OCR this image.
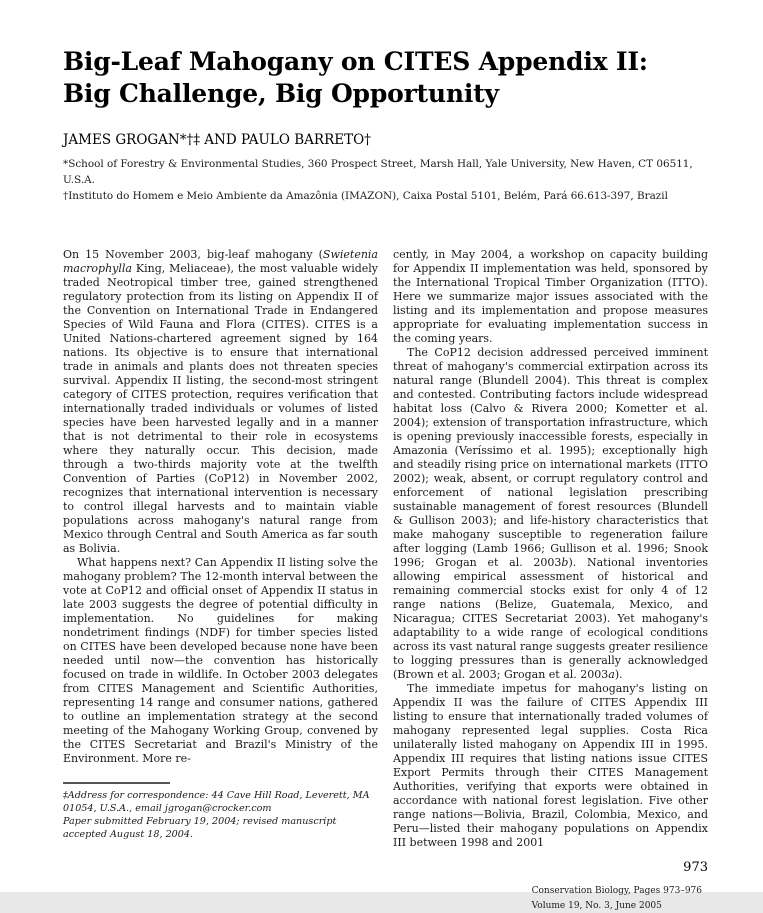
Big-Leaf Mahogany on CITES Appendix II:
Big Challenge, Big Opportunity
JAMES GROGAN*†‡ AND PAULO BARRETO†
*School of Forestry & Environmental Studies, 360 Prospect Street, Marsh Hall, Yale University, New Haven, CT 06511, U.S.A.
†Instituto do Homem e Meio Ambiente da Amazônia (IMAZON), Caixa Postal 5101, Belém, Pará 66.613-397, Brazil

On 15 November 2003, big-leaf mahogany (Swietenia macrophylla King, Meliaceae), the most valuable widely traded Neotropical timber tree, gained strengthened regulatory protection from its listing on Appendix II of the Convention on International Trade in Endangered Species of Wild Fauna and Flora (CITES). CITES is a United Nations-chartered agreement signed by 164 nations. Its objective is to ensure that international trade in animals and plants does not threaten species survival. Appendix II listing, the second-most stringent category of CITES protection, requires verification that internationally traded individuals or volumes of listed species have been harvested legally and in a manner that is not detrimental to their role in ecosystems where they naturally occur. This decision, made through a two-thirds majority vote at the twelfth Convention of Parties (CoP12) in November 2002, recognizes that international intervention is necessary to control illegal harvests and to maintain viable populations across mahogany's natural range from Mexico through Central and South America as far south as Bolivia.

What happens next? Can Appendix II listing solve the mahogany problem? The 12-month interval between the vote at CoP12 and official onset of Appendix II status in late 2003 suggests the degree of potential difficulty in implementation. No guidelines for making nondetriment findings (NDF) for timber species listed on CITES have been developed because none have been needed until now—the convention has historically focused on trade in wildlife. In October 2003 delegates from CITES Management and Scientific Authorities, representing 14 range and consumer nations, gathered to outline an implementation strategy at the second meeting of the Mahogany Working Group, convened by the CITES Secretariat and Brazil's Ministry of the Environment. More re-

‡Address for correspondence: 44 Cave Hill Road, Leverett, MA 01054, U.S.A., email jgrogan@crocker.com
Paper submitted February 19, 2004; revised manuscript accepted August 18, 2004.

cently, in May 2004, a workshop on capacity building for Appendix II implementation was held, sponsored by the International Tropical Timber Organization (ITTO). Here we summarize major issues associated with the listing and its implementation and propose measures appropriate for evaluating implementation success in the coming years.

The CoP12 decision addressed perceived imminent threat of mahogany's commercial extirpation across its natural range (Blundell 2004). This threat is complex and contested. Contributing factors include widespread habitat loss (Calvo & Rivera 2000; Kometter et al. 2004); extension of transportation infrastructure, which is opening previously inaccessible forests, especially in Amazonia (Veríssimo et al. 1995); exceptionally high and steadily rising price on international markets (ITTO 2002); weak, absent, or corrupt regulatory control and enforcement of national legislation prescribing sustainable management of forest resources (Blundell & Gullison 2003); and life-history characteristics that make mahogany susceptible to regeneration failure after logging (Lamb 1966; Gullison et al. 1996; Snook 1996; Grogan et al. 2003b). National inventories allowing empirical assessment of historical and remaining commercial stocks exist for only 4 of 12 range nations (Belize, Guatemala, Mexico, and Nicaragua; CITES Secretariat 2003). Yet mahogany's adaptability to a wide range of ecological conditions across its vast natural range suggests greater resilience to logging pressures than is generally acknowledged (Brown et al. 2003; Grogan et al. 2003a).

The immediate impetus for mahogany's listing on Appendix II was the failure of CITES Appendix III listing to ensure that internationally traded volumes of mahogany represented legal supplies. Costa Rica unilaterally listed mahogany on Appendix III in 1995. Appendix III requires that listing nations issue CITES Export Permits through their CITES Management Authorities, verifying that exports were obtained in accordance with national forest legislation. Five other range nations—Bolivia, Brazil, Colombia, Mexico, and Peru—listed their mahogany populations on Appendix III between 1998 and 2001

973
Conservation Biology, Pages 973–976
Volume 19, No. 3, June 2005
